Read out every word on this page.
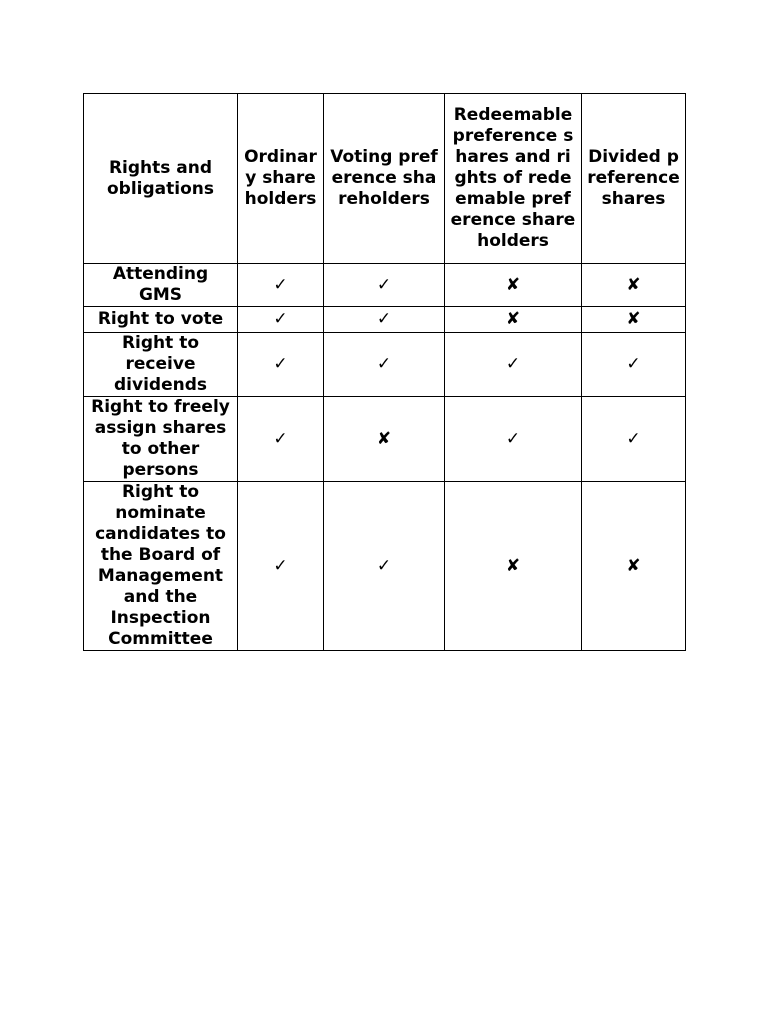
Rights and obligations	Ordinary shareholders	Voting preference shareholders	Redeemable preference shares and rights of redeemable preference shareholders	Divided preference shares
Attending GMS	✓	✓	✘	✘
Right to vote	✓	✓	✘	✘
Right to receive dividends	✓	✓	✓	✓
Right to freely assign shares to other persons	✓	✘	✓	✓
Right to nominate candidates to the Board of Management and the Inspection Committee	✓	✓	✘	✘
